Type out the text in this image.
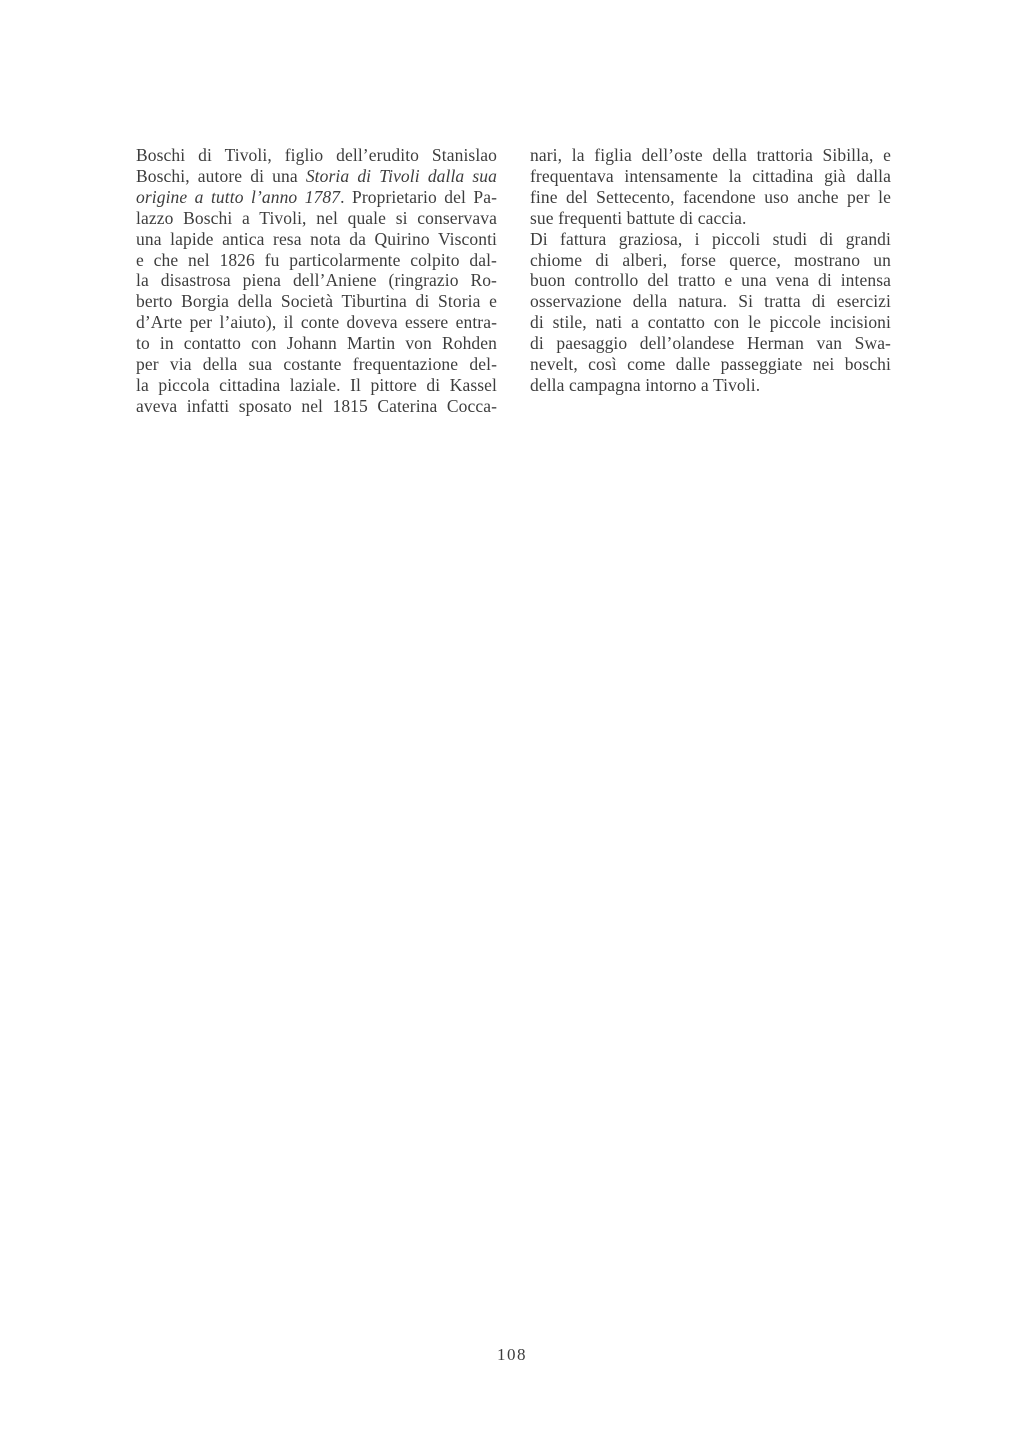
Boschi di Tivoli, figlio dell’erudito Stanislao
Boschi, autore di una Storia di Tivoli dalla sua
origine a tutto l’anno 1787. Proprietario del Pa-
lazzo Boschi a Tivoli, nel quale si conservava
una lapide antica resa nota da Quirino Visconti
e che nel 1826 fu particolarmente colpito dal-
la disastrosa piena dell’Aniene (ringrazio Ro-
berto Borgia della Società Tiburtina di Storia e
d’Arte per l’aiuto), il conte doveva essere entra-
to in contatto con Johann Martin von Rohden
per via della sua costante frequentazione del-
la piccola cittadina laziale. Il pittore di Kassel
aveva infatti sposato nel 1815 Caterina Cocca-
nari, la figlia dell’oste della trattoria Sibilla, e
frequentava intensamente la cittadina già dalla
fine del Settecento, facendone uso anche per le
sue frequenti battute di caccia.
Di fattura graziosa, i piccoli studi di grandi
chiome di alberi, forse querce, mostrano un
buon controllo del tratto e una vena di intensa
osservazione della natura. Si tratta di esercizi
di stile, nati a contatto con le piccole incisioni
di paesaggio dell’olandese Herman van Swa-
nevelt, così come dalle passeggiate nei boschi
della campagna intorno a Tivoli.
108
